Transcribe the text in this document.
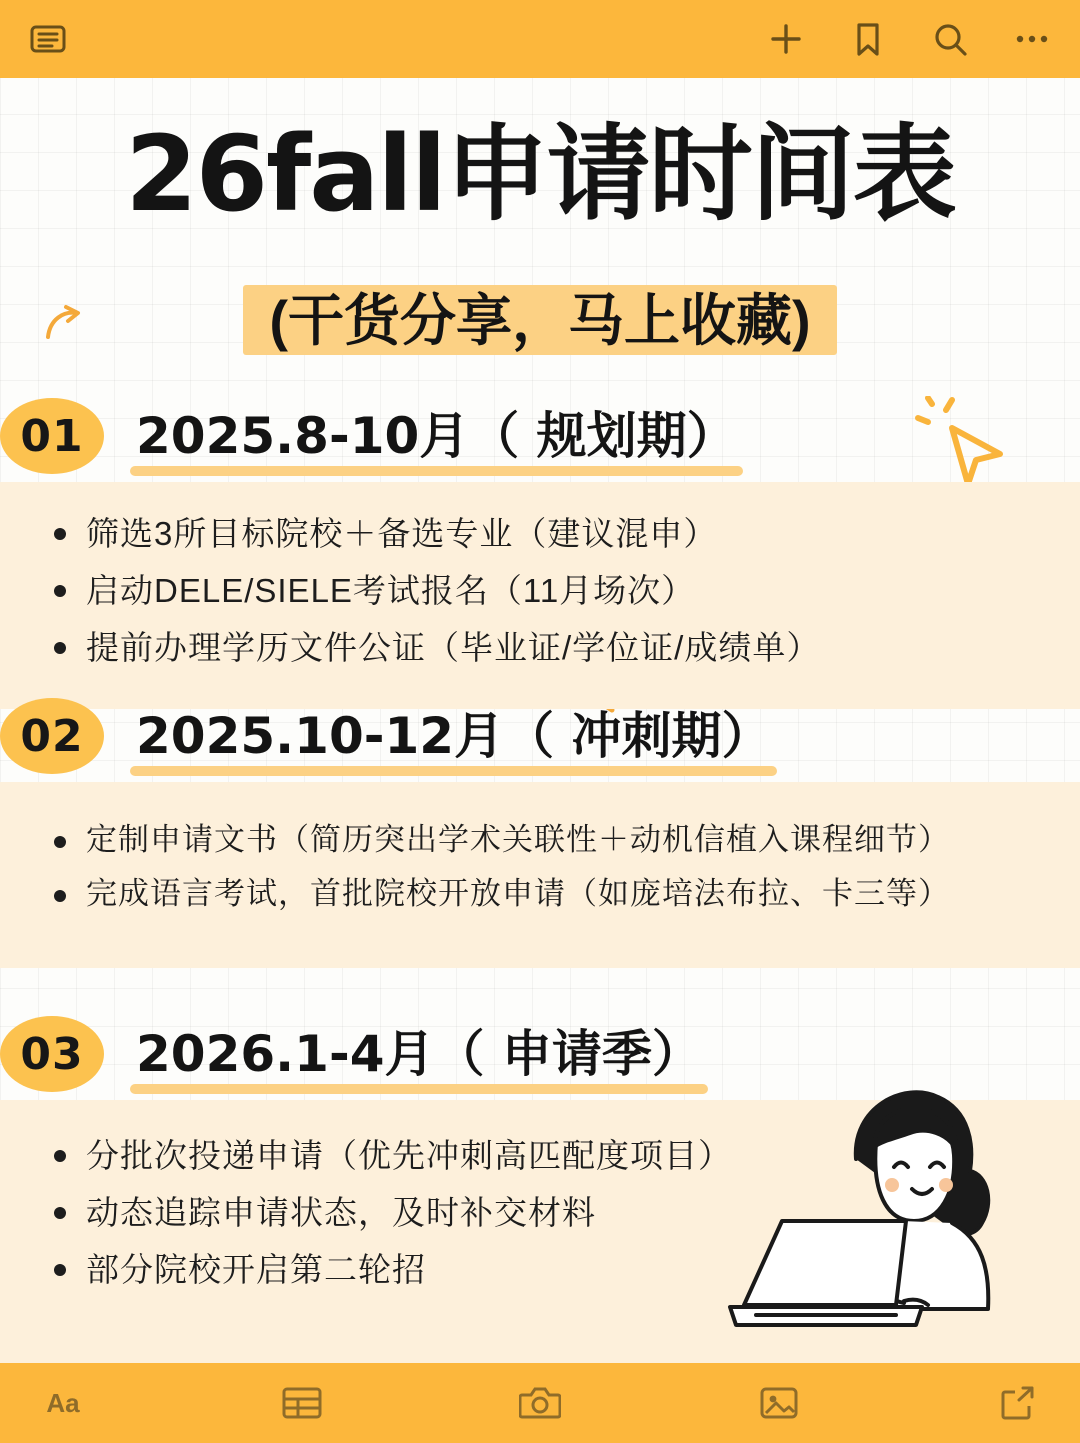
26fall申请时间表
(干货分享，马上收藏)
01	2025.8-10月（ 规划期）
筛选3所目标院校＋备选专业（建议混申）
启动DELE/SIELE考试报名（11月场次）
提前办理学历文件公证（毕业证/学位证/成绩单）
02	2025.10-12月（ 冲刺期）
定制申请文书（简历突出学术关联性＋动机信植入课程细节）
完成语言考试，首批院校开放申请（如庞培法布拉、卡三等）
03	2026.1-4月（ 申请季）
分批次投递申请（优先冲刺高匹配度项目）
动态追踪申请状态，及时补交材料
部分院校开启第二轮招
Aa
